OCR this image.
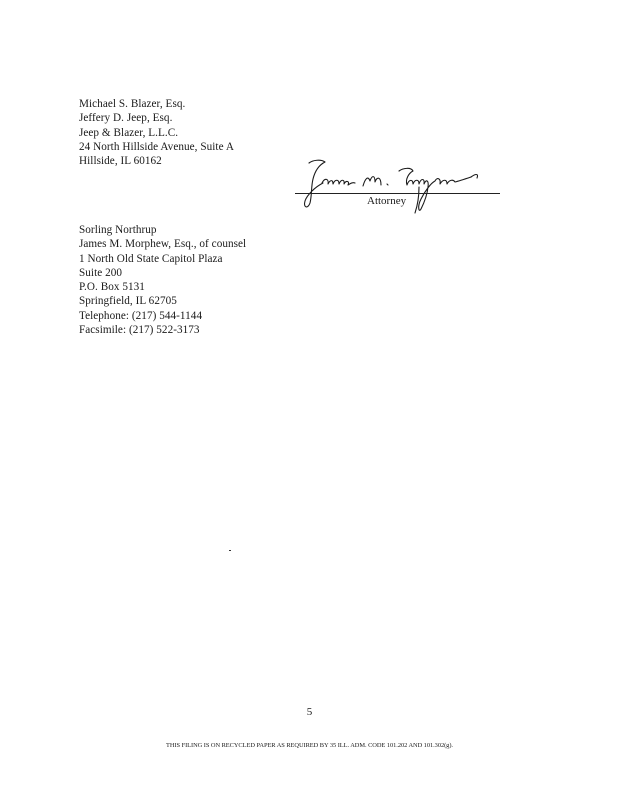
Michael S. Blazer, Esq.
Jeffery D. Jeep, Esq.
Jeep & Blazer, L.L.C.
24 North Hillside Avenue, Suite A
Hillside, IL 60162
Attorney
Sorling Northrup
James M. Morphew, Esq., of counsel
1 North Old State Capitol Plaza
Suite 200
P.O. Box 5131
Springfield, IL 62705
Telephone: (217) 544-1144
Facsimile: (217) 522-3173
5
THIS FILING IS ON RECYCLED PAPER AS REQUIRED BY 35 ILL. ADM. CODE 101.202 AND 101.302(g).
